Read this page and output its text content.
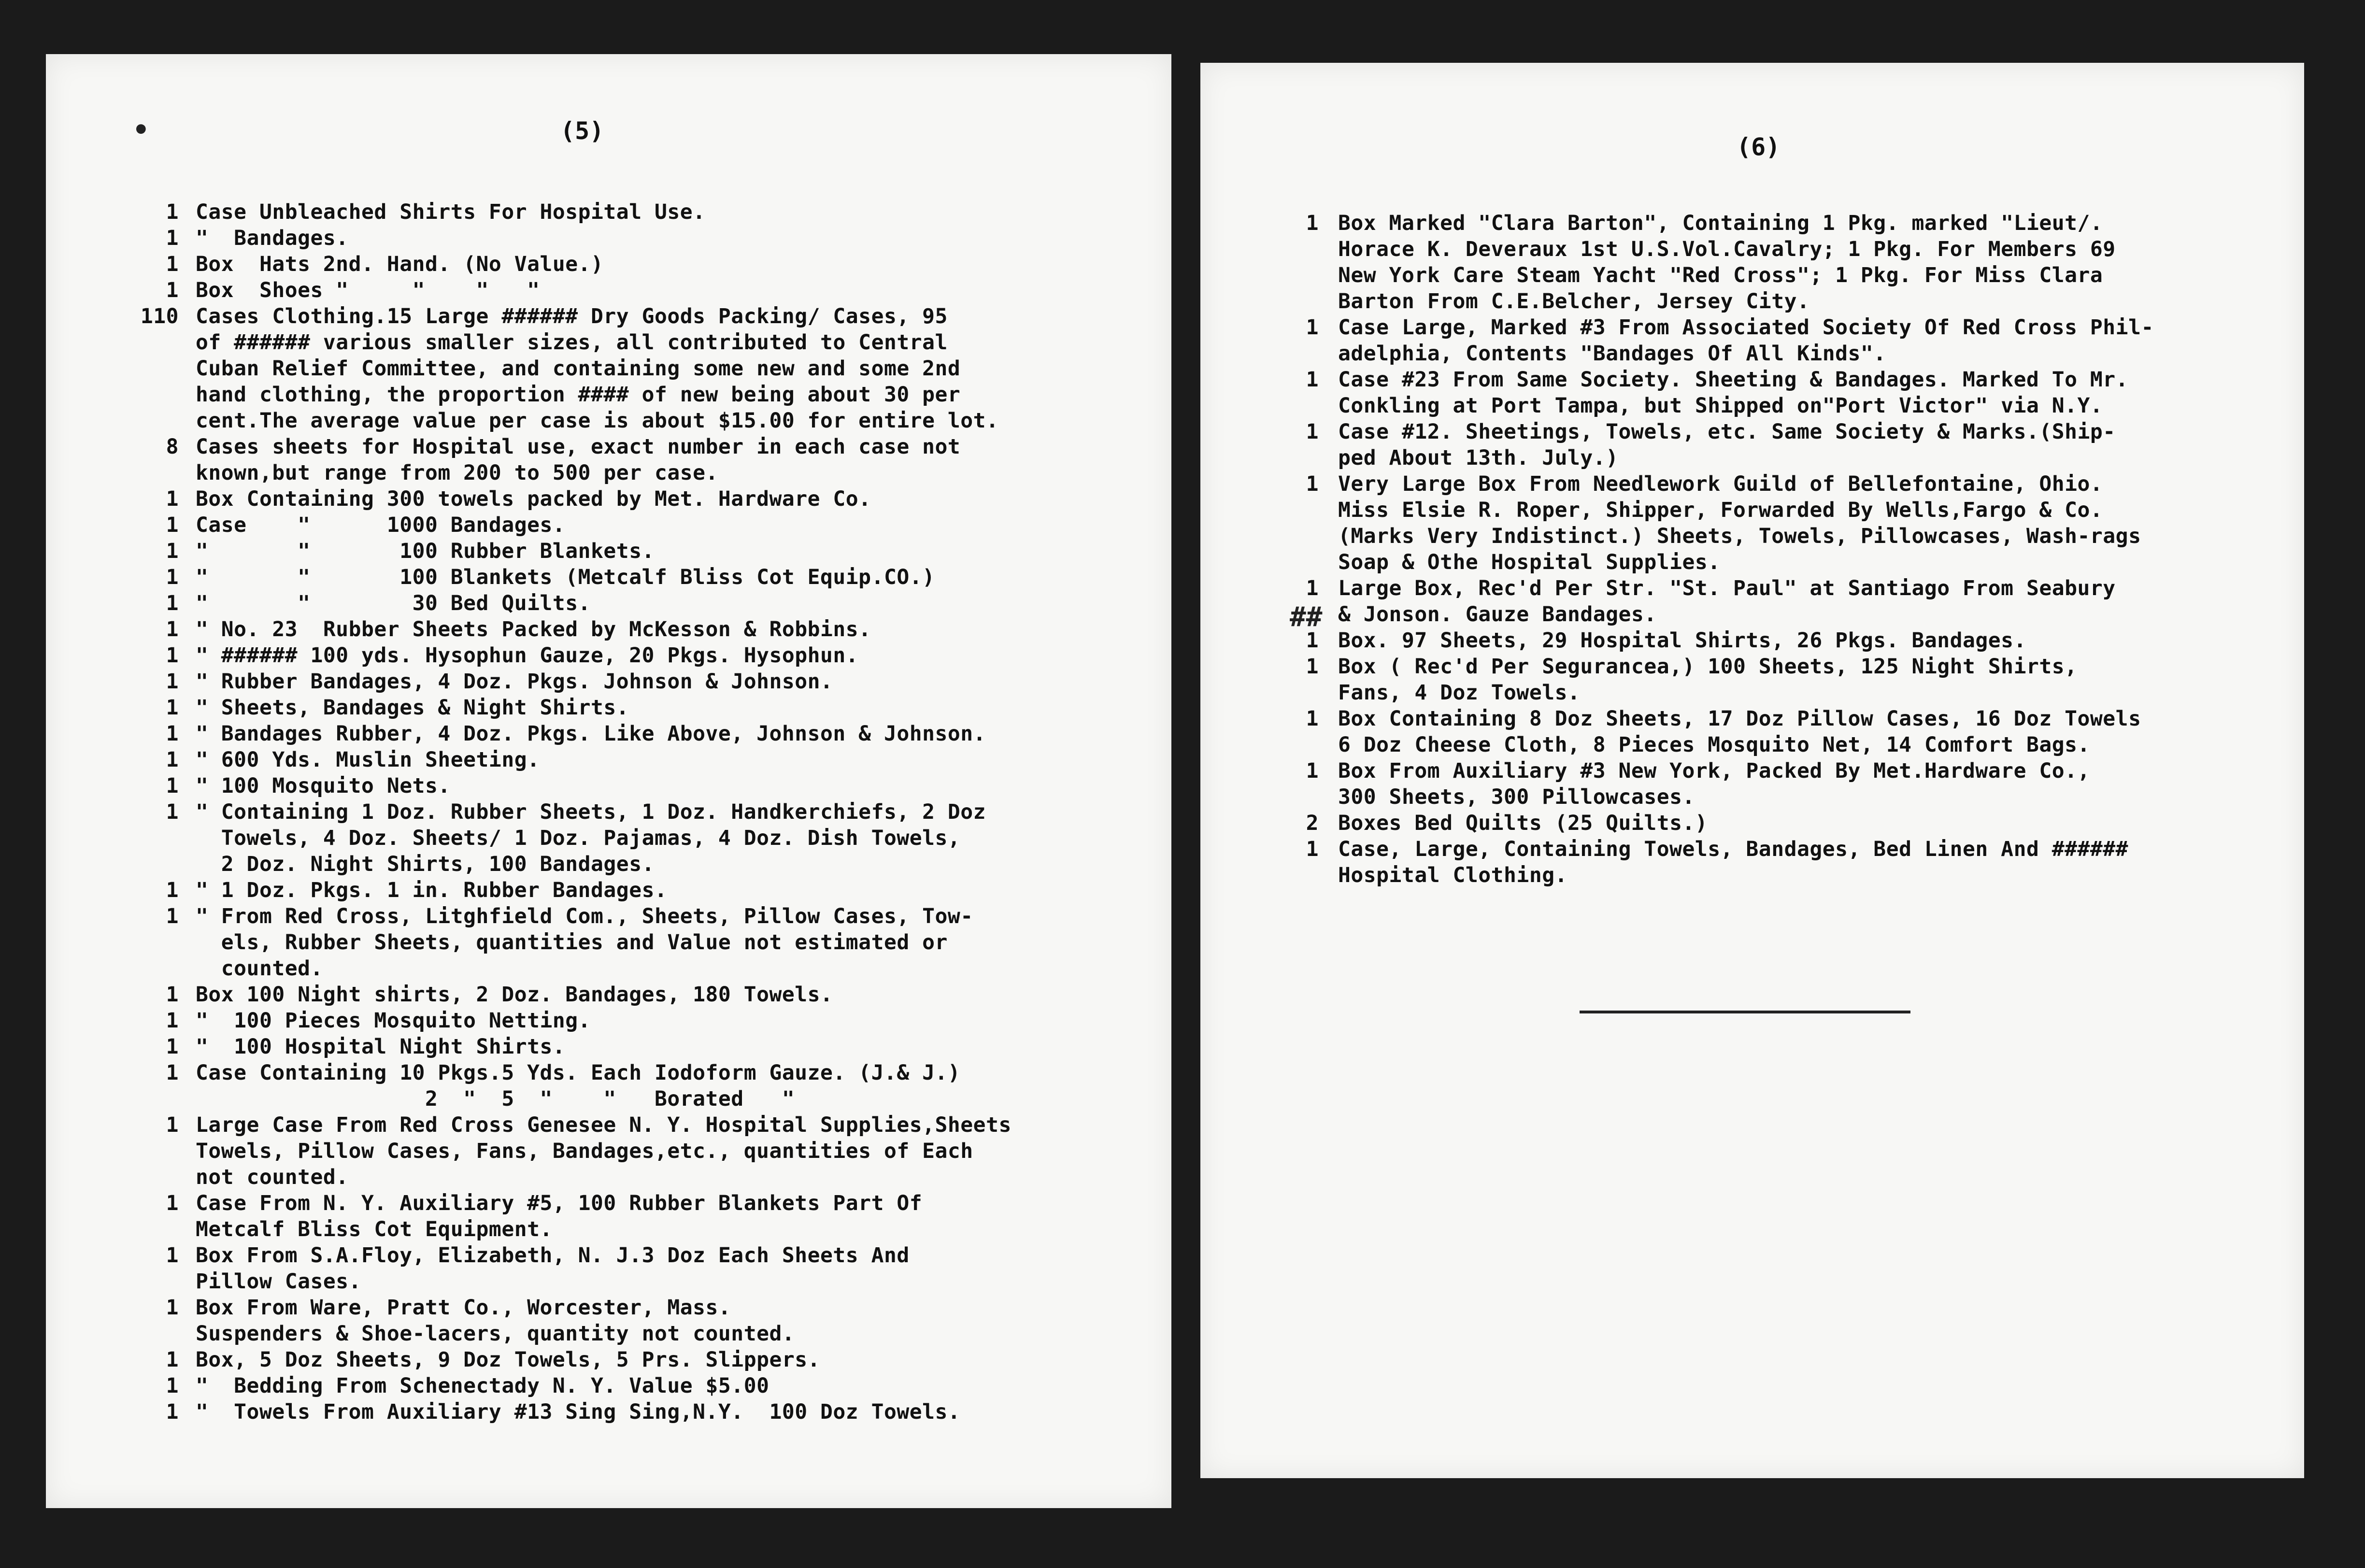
(5)
•
1 Case Unbleached Shirts For Hospital Use.
1 "  Bandages.
1 Box  Hats 2nd. Hand. (No Value.)
1 Box  Shoes "     "    "   "
110 Cases Clothing.15 Large ###### Dry Goods Packing/ Cases, 95
of ###### various smaller sizes, all contributed to Central
Cuban Relief Committee, and containing some new and some 2nd
hand clothing, the proportion #### of new being about 30 per
cent.The average value per case is about $15.00 for entire lot.
8 Cases sheets for Hospital use, exact number in each case not
known,but range from 200 to 500 per case.
1 Box Containing 300 towels packed by Met. Hardware Co.
1 Case    "      1000 Bandages.
1 "       "       100 Rubber Blankets.
1 "       "       100 Blankets (Metcalf Bliss Cot Equip.CO.)
1 "       "        30 Bed Quilts.
1 " No. 23  Rubber Sheets Packed by McKesson & Robbins.
1 " ###### 100 yds. Hysophun Gauze, 20 Pkgs. Hysophun.
1 " Rubber Bandages, 4 Doz. Pkgs. Johnson & Johnson.
1 " Sheets, Bandages & Night Shirts.
1 " Bandages Rubber, 4 Doz. Pkgs. Like Above, Johnson & Johnson.
1 " 600 Yds. Muslin Sheeting.
1 " 100 Mosquito Nets.
1 " Containing 1 Doz. Rubber Sheets, 1 Doz. Handkerchiefs, 2 Doz
Towels, 4 Doz. Sheets/ 1 Doz. Pajamas, 4 Doz. Dish Towels,
2 Doz. Night Shirts, 100 Bandages.
1 " 1 Doz. Pkgs. 1 in. Rubber Bandages.
1 " From Red Cross, Litghfield Com., Sheets, Pillow Cases, Tow-
els, Rubber Sheets, quantities and Value not estimated or
counted.
1 Box 100 Night shirts, 2 Doz. Bandages, 180 Towels.
1 "  100 Pieces Mosquito Netting.
1 "  100 Hospital Night Shirts.
1 Case Containing 10 Pkgs.5 Yds. Each Iodoform Gauze. (J.& J.)
2  "  5  "    "   Borated   "
1 Large Case From Red Cross Genesee N. Y. Hospital Supplies,Sheets
Towels, Pillow Cases, Fans, Bandages,etc., quantities of Each
not counted.
1 Case From N. Y. Auxiliary #5, 100 Rubber Blankets Part Of
Metcalf Bliss Cot Equipment.
1 Box From S.A.Floy, Elizabeth, N. J.3 Doz Each Sheets And
Pillow Cases.
1 Box From Ware, Pratt Co., Worcester, Mass.
Suspenders & Shoe-lacers, quantity not counted.
1 Box, 5 Doz Sheets, 9 Doz Towels, 5 Prs. Slippers.
1 "  Bedding From Schenectady N. Y. Value $5.00
1 "  Towels From Auxiliary #13 Sing Sing,N.Y.  100 Doz Towels.
(6)
##
1 Box Marked "Clara Barton", Containing 1 Pkg. marked "Lieut/.
Horace K. Deveraux 1st U.S.Vol.Cavalry; 1 Pkg. For Members 69
New York Care Steam Yacht "Red Cross"; 1 Pkg. For Miss Clara
Barton From C.E.Belcher, Jersey City.
1 Case Large, Marked #3 From Associated Society Of Red Cross Phil-
adelphia, Contents "Bandages Of All Kinds".
1 Case #23 From Same Society. Sheeting & Bandages. Marked To Mr.
Conkling at Port Tampa, but Shipped on"Port Victor" via N.Y.
1 Case #12. Sheetings, Towels, etc. Same Society & Marks.(Ship-
ped About 13th. July.)
1 Very Large Box From Needlework Guild of Bellefontaine, Ohio.
Miss Elsie R. Roper, Shipper, Forwarded By Wells,Fargo & Co.
(Marks Very Indistinct.) Sheets, Towels, Pillowcases, Wash-rags
Soap & Othe Hospital Supplies.
1 Large Box, Rec'd Per Str. "St. Paul" at Santiago From Seabury
& Jonson. Gauze Bandages.
1 Box. 97 Sheets, 29 Hospital Shirts, 26 Pkgs. Bandages.
1 Box ( Rec'd Per Segurancea,) 100 Sheets, 125 Night Shirts,
Fans, 4 Doz Towels.
1 Box Containing 8 Doz Sheets, 17 Doz Pillow Cases, 16 Doz Towels
6 Doz Cheese Cloth, 8 Pieces Mosquito Net, 14 Comfort Bags.
1 Box From Auxiliary #3 New York, Packed By Met.Hardware Co.,
300 Sheets, 300 Pillowcases.
2 Boxes Bed Quilts (25 Quilts.)
1 Case, Large, Containing Towels, Bandages, Bed Linen And ######
Hospital Clothing.
